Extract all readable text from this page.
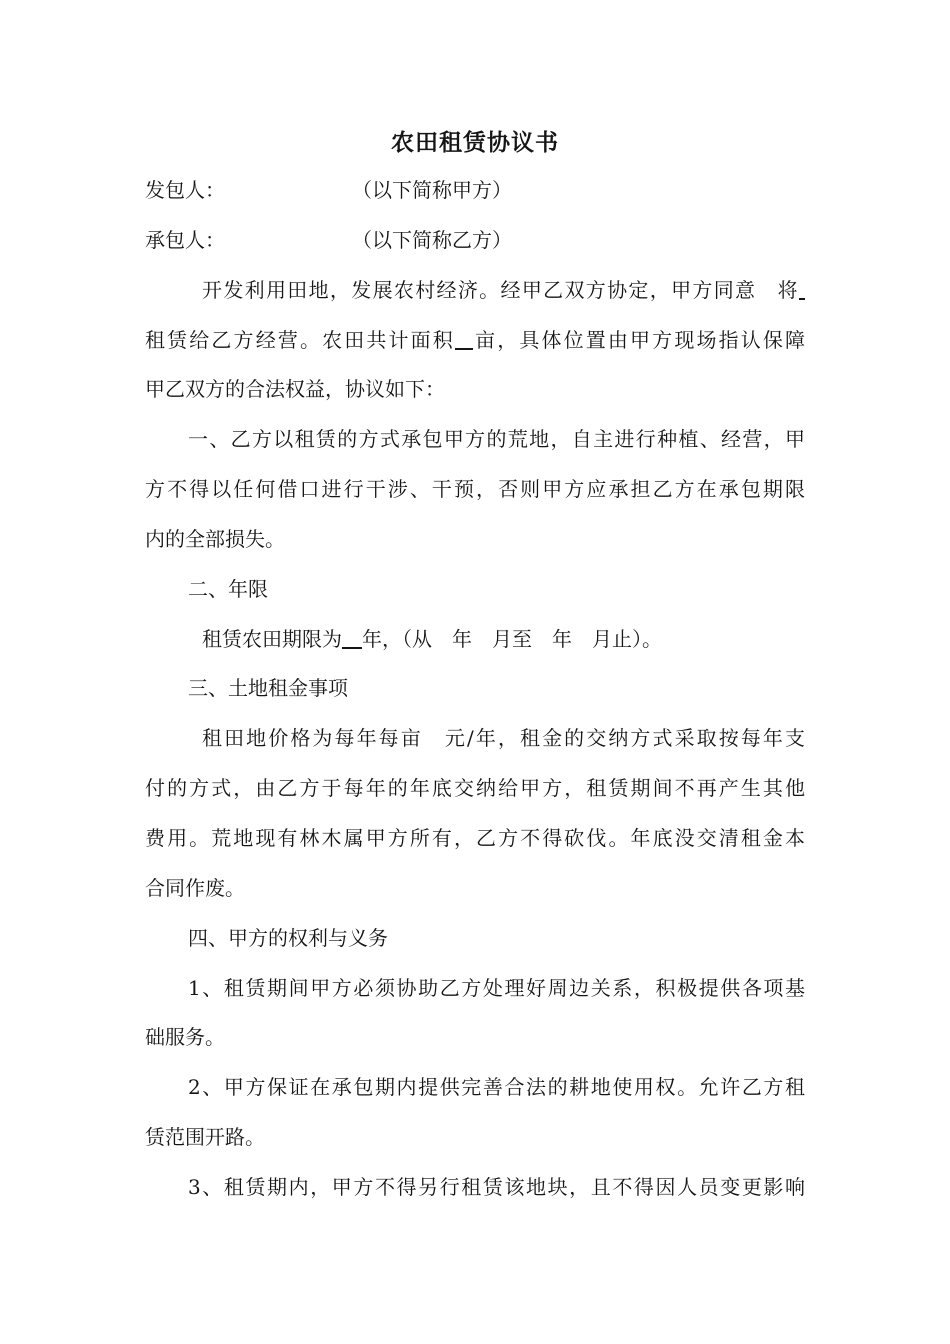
农田租赁协议书
发包人：	（以下简称甲方）
承包人：	（以下简称乙方）
开发利用田地，发展农村经济。经甲乙双方协定，甲方同意　将
租赁给乙方经营。农田共计面积 亩，具体位置由甲方现场指认保障
甲乙双方的合法权益，协议如下：
一、乙方以租赁的方式承包甲方的荒地，自主进行种植、经营，甲
方不得以任何借口进行干涉、干预，否则甲方应承担乙方在承包期限
内的全部损失。
二、年限
租赁农田期限为 年，（从　年　月至　年　月止）。
三、土地租金事项
租田地价格为每年每亩　元/年，租金的交纳方式采取按每年支
付的方式，由乙方于每年的年底交纳给甲方，租赁期间不再产生其他
费用。荒地现有林木属甲方所有，乙方不得砍伐。年底没交清租金本
合同作废。
四、甲方的权利与义务
1、租赁期间甲方必须协助乙方处理好周边关系，积极提供各项基
础服务。
2、甲方保证在承包期内提供完善合法的耕地使用权。允许乙方租
赁范围开路。
3、租赁期内，甲方不得另行租赁该地块，且不得因人员变更影响
